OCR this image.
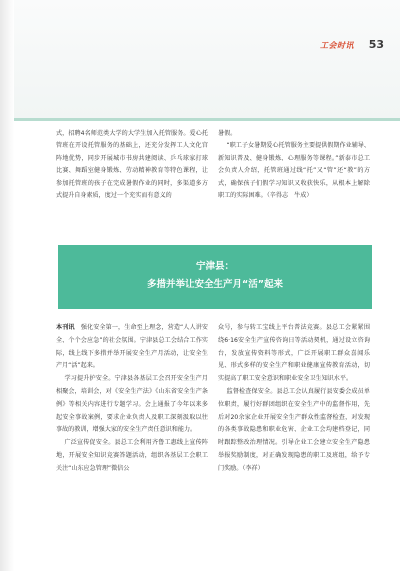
工会时讯 53

式，招聘4名师范类大学的大学生加入托管服务。爱心托管班在开设托管服务的基础上，还充分发挥工人文化宫阵地优势，同步开展城市书房共建阅读、乒乓球家打球比赛、舞蹈室健身锻炼、劳动精神教育等特色课程，让参加托管班的孩子在完成暑假作业的同时，多渠道多方式提升自身素质，度过一个充实而有意义的

暑假。

“职工子女暑期爱心托管服务主要提供假期作业辅导、新知识普及、健身锻炼、心理服务等课程。”新泰市总工会负责人介绍，托管班通过线“托”又“管”还“教”的方式，确保孩子们假学习知识又收获快乐，从根本上解除职工的实际困难。（辛得志　牛成）

宁津县：
多措并举让安全生产月“活”起来

本刊讯　 强化安全第一，生命至上理念，营造“人人讲安全、个个会应急”的社会氛围。宁津县总工会结合工作实际，线上线下多措并举开展安全生产月活动，让安全生产月“活”起来。

学习提升护安全。宁津县各基层工会召开安全生产月相聚会，培训会，对《安全生产法》《山东省安全生产条例》等相关内容进行专题学习。会上通报了今年以来多起安全事故案例，要求企业负责人及职工深刻汲取以往事故的教训，增强大家的安全生产责任意识和能力。

广泛宣传促安全。县总工会利用齐鲁工惠线上宣传阵地，开展安全知识竞赛答题活动，组织各基层工会职工关注“山东应急管理”微信公

众号，参与转工宝线上平台普法竞赛。县总工会紧紧围绕6·16安全生产宣传咨询日等活动契机，通过设立咨询台，发放宣传资料等形式，广泛开展职工群众喜闻乐见、形式多样的安全生产和职业健康宣传教育活动，切实提高了职工安全意识和职业安全卫生知识水平。

监督检查保安全。县总工会认真履行县安委会成员单位职责，履行好群团组织在安全生产中的监督作用，先后对20余家企业开展安全生产群众性监督检查，对发现的各类事故隐患和职业危害、企业工会均建档登记，同时跟踪整改治理情况。引导企业工会建立安全生产隐患举报奖励制度，对正确发现隐患的职工及班组，给予专门奖励。（李祥）
